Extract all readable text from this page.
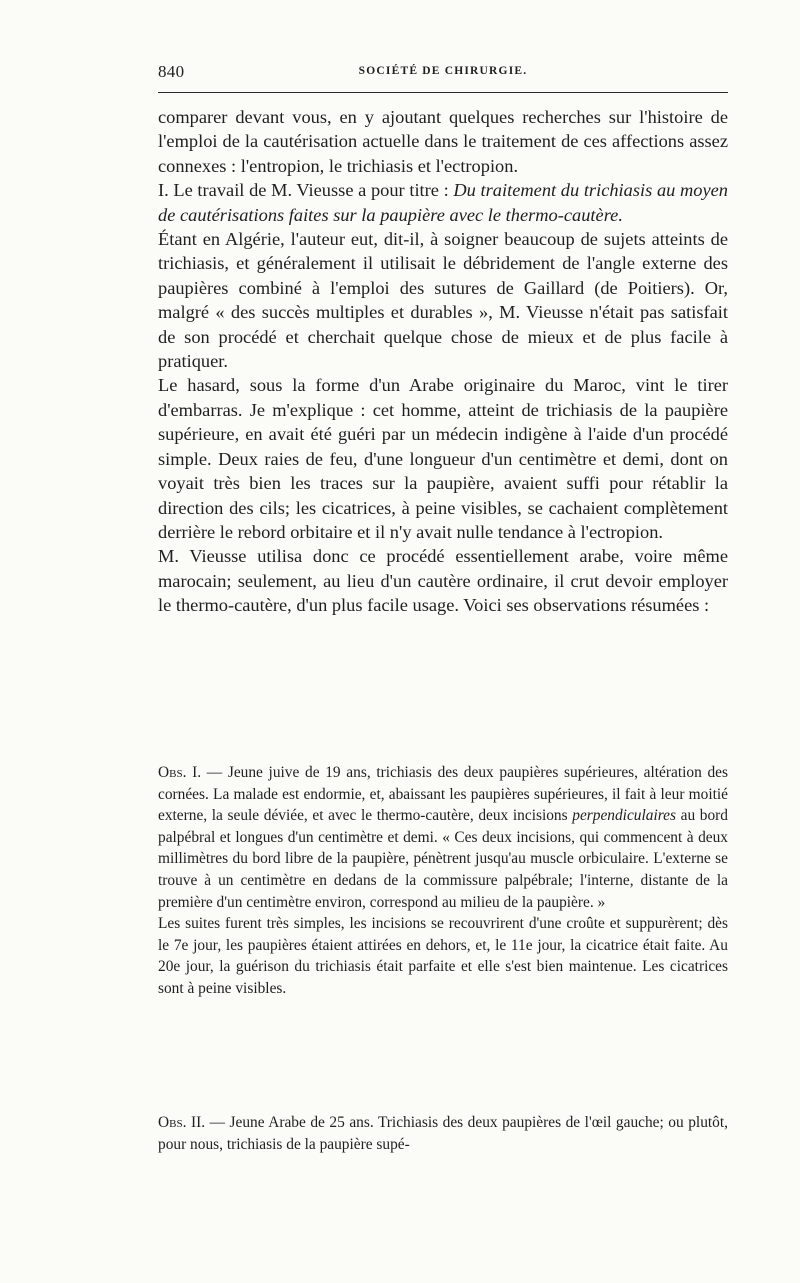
840	SOCIÉTÉ DE CHIRURGIE.

comparer devant vous, en y ajoutant quelques recherches sur l'histoire de l'emploi de la cautérisation actuelle dans le traitement de ces affections assez connexes : l'entropion, le trichiasis et l'ectropion.

I. Le travail de M. Vieusse a pour titre : Du traitement du trichiasis au moyen de cautérisations faites sur la paupière avec le thermo-cautère.

Étant en Algérie, l'auteur eut, dit-il, à soigner beaucoup de sujets atteints de trichiasis, et généralement il utilisait le débridement de l'angle externe des paupières combiné à l'emploi des sutures de Gaillard (de Poitiers). Or, malgré « des succès multiples et durables », M. Vieusse n'était pas satisfait de son procédé et cherchait quelque chose de mieux et de plus facile à pratiquer.

Le hasard, sous la forme d'un Arabe originaire du Maroc, vint le tirer d'embarras. Je m'explique : cet homme, atteint de trichiasis de la paupière supérieure, en avait été guéri par un médecin indigène à l'aide d'un procédé simple. Deux raies de feu, d'une longueur d'un centimètre et demi, dont on voyait très bien les traces sur la paupière, avaient suffi pour rétablir la direction des cils; les cicatrices, à peine visibles, se cachaient complètement derrière le rebord orbitaire et il n'y avait nulle tendance à l'ectropion.

M. Vieusse utilisa donc ce procédé essentiellement arabe, voire même marocain; seulement, au lieu d'un cautère ordinaire, il crut devoir employer le thermo-cautère, d'un plus facile usage. Voici ses observations résumées :

Obs. I. — Jeune juive de 19 ans, trichiasis des deux paupières supérieures, altération des cornées. La malade est endormie, et, abaissant les paupières supérieures, il fait à leur moitié externe, la seule déviée, et avec le thermo-cautère, deux incisions perpendiculaires au bord palpébral et longues d'un centimètre et demi. « Ces deux incisions, qui commencent à deux millimètres du bord libre de la paupière, pénètrent jusqu'au muscle orbiculaire. L'externe se trouve à un centimètre en dedans de la commissure palpébrale; l'interne, distante de la première d'un centimètre environ, correspond au milieu de la paupière. »

Les suites furent très simples, les incisions se recouvrirent d'une croûte et suppurèrent; dès le 7e jour, les paupières étaient attirées en dehors, et, le 11e jour, la cicatrice était faite. Au 20e jour, la guérison du trichiasis était parfaite et elle s'est bien maintenue. Les cicatrices sont à peine visibles.

Obs. II. — Jeune Arabe de 25 ans. Trichiasis des deux paupières de l'œil gauche; ou plutôt, pour nous, trichiasis de la paupière supé-
